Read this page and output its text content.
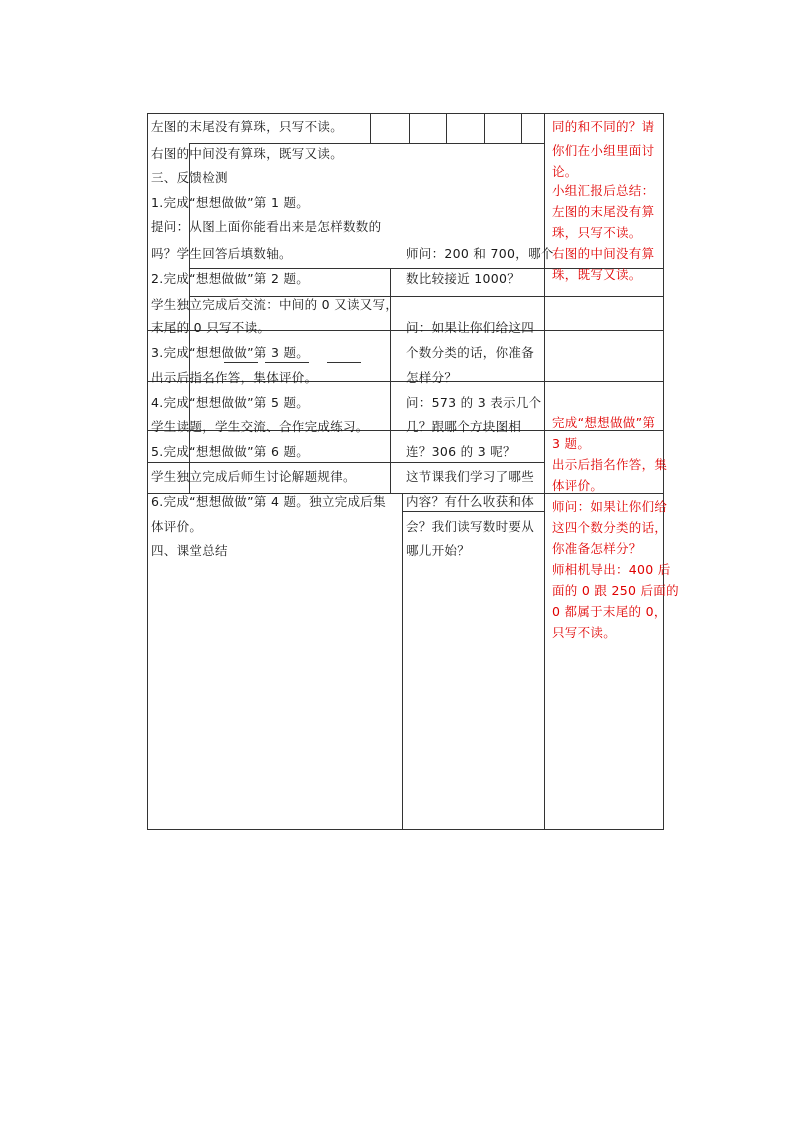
左图的末尾没有算珠，只写不读。
右图的中间没有算珠，既写又读。
三、反馈检测
1.完成“想想做做”第 1 题。
提问：从图上面你能看出来是怎样数数的
吗？学生回答后填数轴。
2.完成“想想做做”第 2 题。
学生独立完成后交流：中间的 0 又读又写，
末尾的 0 只写不读。
3.完成“想想做做”第 3 题。
出示后指名作答，集体评价。
4.完成“想想做做”第 5 题。
学生读题，学生交流、合作完成练习。
5.完成“想想做做”第 6 题。
学生独立完成后师生讨论解题规律。
6.完成“想想做做”第 4 题。独立完成后集
体评价。
四、课堂总结
师问：200 和 700，哪个
数比较接近 1000？
问：如果让你们给这四
个数分类的话，你准备
怎样分？
问：573 的 3 表示几个
几？跟哪个方块图相
连？306 的 3 呢？
这节课我们学习了哪些
内容？有什么收获和体
会？我们读写数时要从
哪儿开始？
同的和不同的？请
你们在小组里面讨
论。
小组汇报后总结：
左图的末尾没有算
珠，只写不读。
右图的中间没有算
珠，既写又读。
完成“想想做做”第
3 题。
出示后指名作答，集
体评价。
师问：如果让你们给
这四个数分类的话，
你准备怎样分？
师相机导出：400 后
面的 0 跟 250 后面的
0 都属于末尾的 0，
只写不读。
